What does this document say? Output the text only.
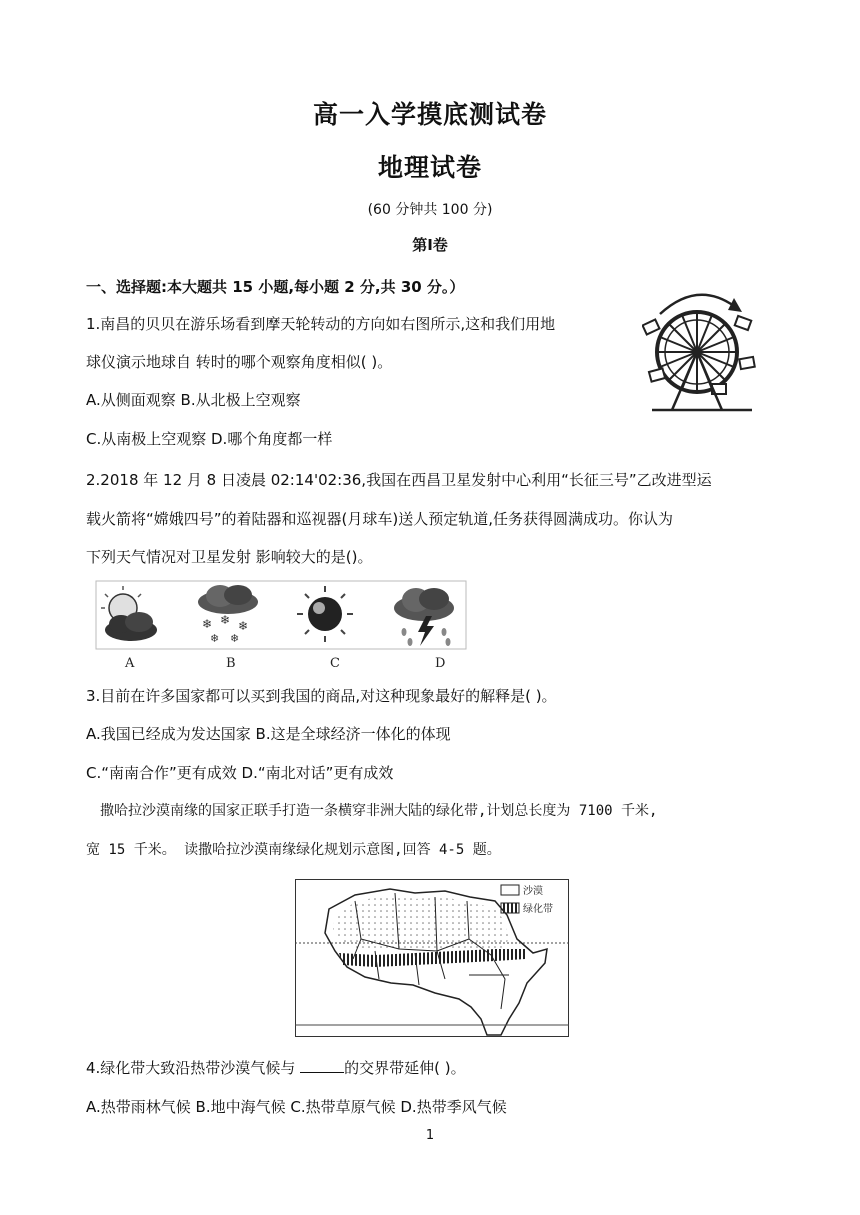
高一入学摸底测试卷
地理试卷
(60 分钟共 100 分)
第Ⅰ卷
一、选择题:本大题共 15 小题,每小题 2 分,共 30 分。）
1.南昌的贝贝在游乐场看到摩天轮转动的方向如右图所示,这和我们用地
球仪演示地球自 转时的哪个观察角度相似( )。
A.从侧面观察 B.从北极上空观察
C.从南极上空观察 D.哪个角度都一样
2.2018 年 12 月 8 日凌晨 02:14'02:36,我国在西昌卫星发射中心利用“长征三号”乙改进型运
载火箭将“嫦娥四号”的着陆器和巡视器(月球车)送人预定轨道,任务获得圆满成功。你认为
下列天气情况对卫星发射 影响较大的是()。
❄ ❄ ❄
❄ ❄
A	B	C	D
3.目前在许多国家都可以买到我国的商品,对这种现象最好的解释是( )。
A.我国已经成为发达国家 B.这是全球经济一体化的体现
C.“南南合作”更有成效 D.“南北对话”更有成效
撒哈拉沙漠南缘的国家正联手打造一条横穿非洲大陆的绿化带,计划总长度为 7100 千米,
宽 15 千米。 读撒哈拉沙漠南缘绿化规划示意图,回答 4-5 题。
沙漠
绿化带
4.绿化带大致沿热带沙漠气候与	的交界带延伸( )。
A.热带雨林气候 B.地中海气候 C.热带草原气候 D.热带季风气候
1
